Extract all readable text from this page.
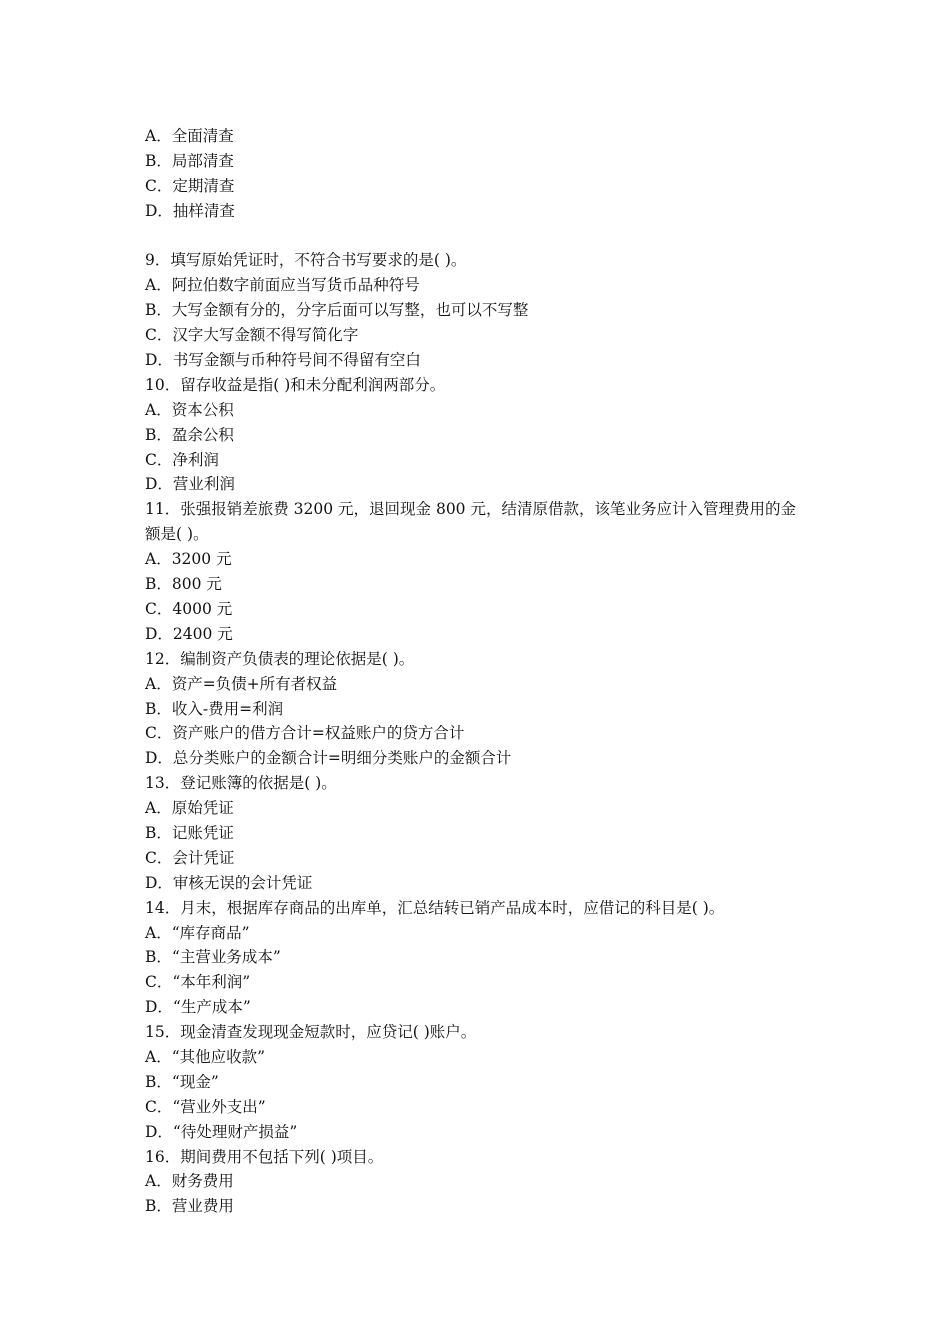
A．全面清查
B．局部清查
C．定期清查
D．抽样清查
9．填写原始凭证时，不符合书写要求的是( )。
A．阿拉伯数字前面应当写货币品种符号
B．大写金额有分的，分字后面可以写整，也可以不写整
C．汉字大写金额不得写简化字
D．书写金额与币种符号间不得留有空白
10．留存收益是指( )和未分配利润两部分。
A．资本公积
B．盈余公积
C．净利润
D．营业利润
11．张强报销差旅费 3200 元，退回现金 800 元，结清原借款，该笔业务应计入管理费用的金额是( )。
A．3200 元
B．800 元
C．4000 元
D．2400 元
12．编制资产负债表的理论依据是( )。
A．资产=负债+所有者权益
B．收入-费用=利润
C．资产账户的借方合计=权益账户的贷方合计
D．总分类账户的金额合计=明细分类账户的金额合计
13．登记账簿的依据是( )。
A．原始凭证
B．记账凭证
C．会计凭证
D．审核无误的会计凭证
14．月末，根据库存商品的出库单，汇总结转已销产品成本时，应借记的科目是( )。
A．“库存商品”
B．“主营业务成本”
C．“本年利润”
D．“生产成本”
15．现金清查发现现金短款时，应贷记( )账户。
A．“其他应收款”
B．“现金”
C．“营业外支出”
D．“待处理财产损益”
16．期间费用不包括下列( )项目。
A．财务费用
B．营业费用
